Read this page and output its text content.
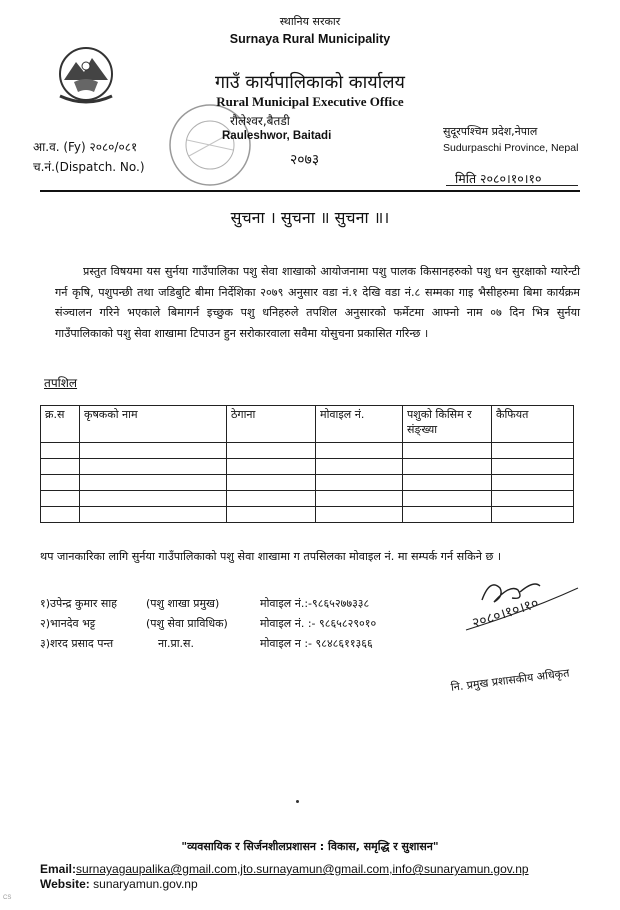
स्थानिय सरकार
Surnaya Rural Municipality
गाउँ कार्यपालिकाको कार्यालय
Rural Municipal Executive Office
रौलेश्वर,बैतडी
Rauleshwor, Baitadi
२०७३
आ.व. (Fy) २०८०/०८१
च.नं.(Dispatch. No.)
सुदूरपश्चिम प्रदेश,नेपाल
Sudurpaschi Province, Nepal
मिति २०८०।१०।१०
सुचना । सुचना ॥ सुचना ॥।
प्रस्तुत विषयमा यस सुर्नया गाउँपालिका पशु सेवा शाखाको आयोजनामा पशु पालक किसानहरुको पशु धन सुरक्षाको ग्यारेन्टी गर्न कृषि, पशुपन्छी तथा जडिबुटि बीमा निर्देशिका २०७९ अनुसार वडा नं.१ देखि वडा नं.८ सम्मका गाइ भैसीहरुमा बिमा कार्यक्रम संञ्चालन गरिने भएकाले बिमागर्न इच्छुक पशु धनिहरुले तपशिल अनुसारको फर्मेटमा आफ्नो नाम ०७ दिन भित्र सुर्नया गाउँपालिकाको पशु सेवा शाखामा टिपाउन हुन सरोकारवाला सवैमा योसुचना प्रकासित गरिन्छ ।
तपशिल
क्र.स	कृषकको नाम	ठेगाना	मोवाइल नं.	पशुको किसिम र संङ्ख्या	कैफियत

थप जानकारिका लागि सुर्नया गाउँपालिकाको पशु सेवा शाखामा ग तपसिलका मोवाइल नं. मा सम्पर्क गर्न सकिने छ ।
१)उपेन्द्र कुमार साह	(पशु शाखा प्रमुख)	मोवाइल नं.:-९८६५२७७३३८
२)भानदेव भट्ट	(पशु सेवा प्राविधिक)	मोवाइल नं. :- ९८६५८२९०१०
३)शरद प्रसाद पन्त	ना.प्रा.स.	मोवाइल न :- ९८४८६११३६६
२०८०।१०।१०
नि. प्रमुख प्रशासकीय अधिकृत
"व्यवसायिक र सिर्जनशीलप्रशासन : विकास, समृद्धि र सुशासन"
Email:surnayagaupalika@gmail.com,jto.surnayamun@gmail.com,info@sunaryamun.gov.np
Website: sunaryamun.gov.np
CS
